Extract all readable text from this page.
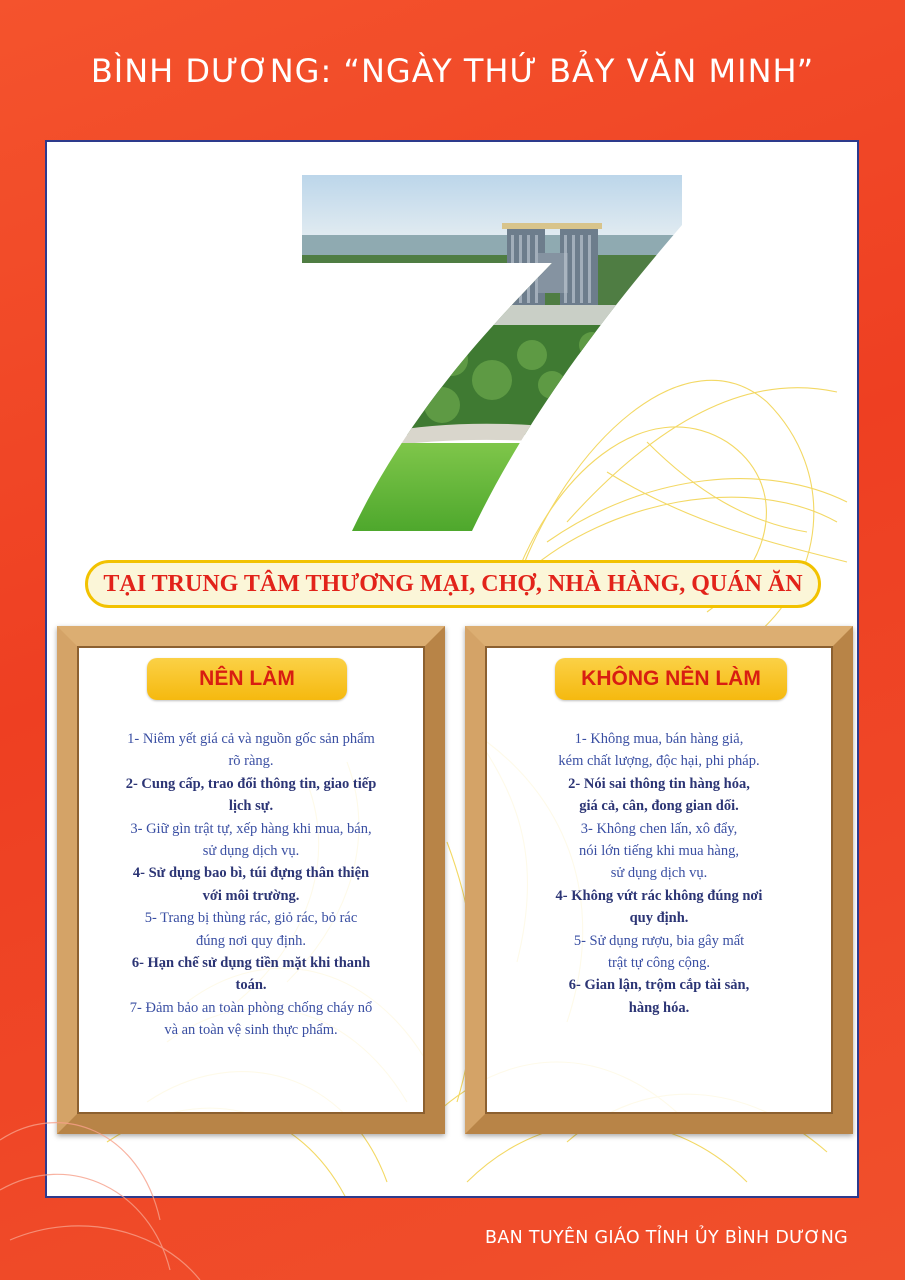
BÌNH DƯƠNG: “NGÀY THỨ BẢY VĂN MINH”
TẠI TRUNG TÂM THƯƠNG MẠI, CHỢ, NHÀ HÀNG, QUÁN ĂN
NÊN LÀM

1- Niêm yết giá cả và nguồn gốc sản phẩm
rõ ràng.

2- Cung cấp, trao đổi thông tin, giao tiếp
lịch sự.

3- Giữ gìn trật tự, xếp hàng khi mua, bán,
sử dụng dịch vụ.

4- Sử dụng bao bì, túi đựng thân thiện
với môi trường.

5- Trang bị thùng rác, giỏ rác, bỏ rác
đúng nơi quy định.

6- Hạn chế sử dụng tiền mặt khi thanh
toán.

7- Đảm bảo an toàn phòng chống cháy nổ
và an toàn vệ sinh thực phẩm.

KHÔNG NÊN LÀM

1- Không mua, bán hàng giả,
kém chất lượng, độc hại, phi pháp.

2- Nói sai thông tin hàng hóa,
giá cả, cân, đong gian dối.

3- Không chen lấn, xô đẩy,
nói lớn tiếng khi mua hàng,
sử dụng dịch vụ.

4- Không vứt rác không đúng nơi
quy định.

5- Sử dụng rượu, bia gây mất
trật tự công cộng.

6- Gian lận, trộm cắp tài sản,
hàng hóa.

BAN TUYÊN GIÁO TỈNH ỦY BÌNH DƯƠNG
